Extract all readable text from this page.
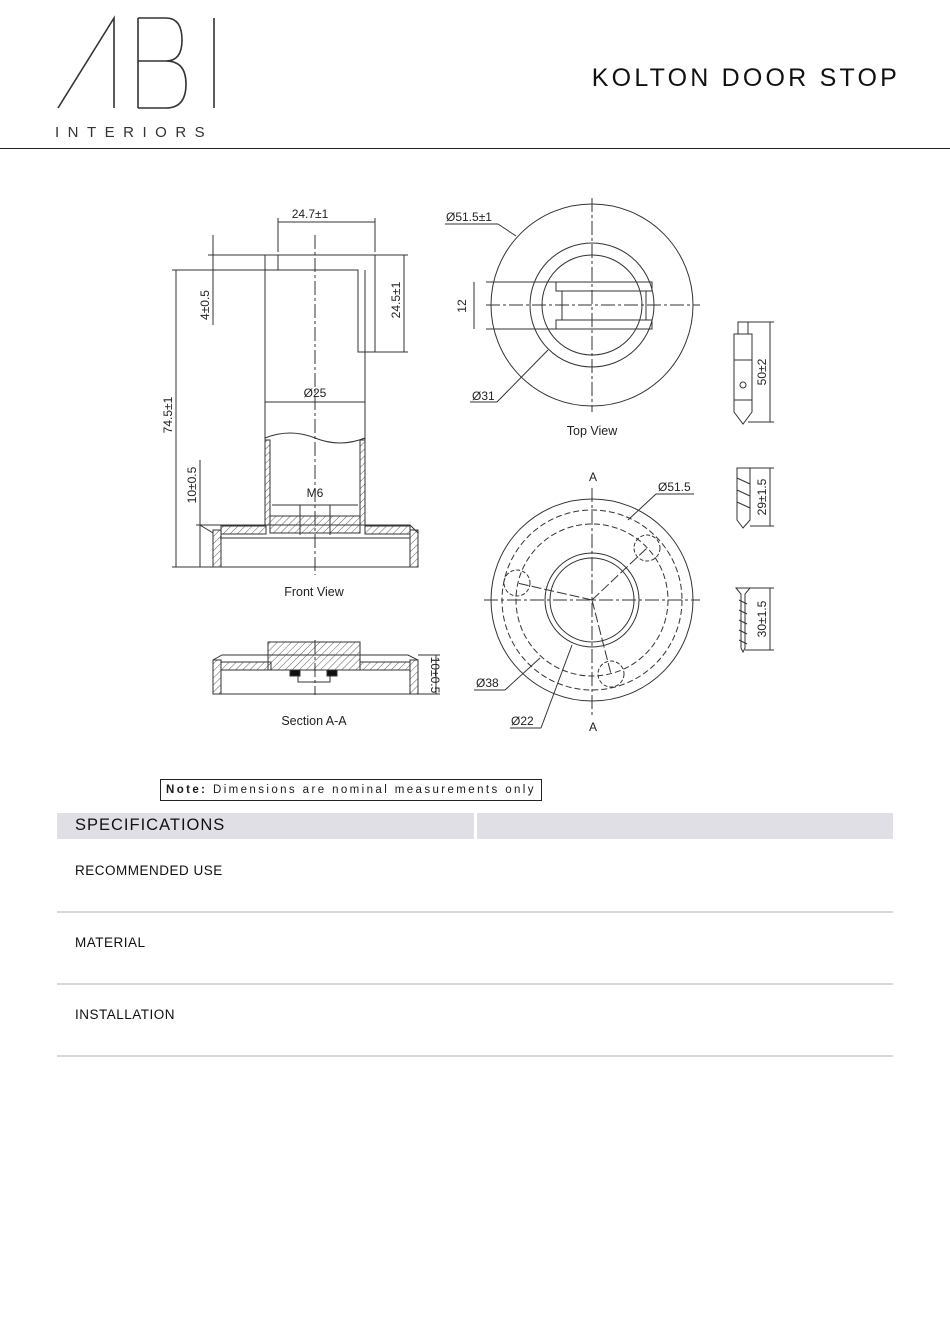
INTERIORS
KOLTON DOOR STOP
24.7±1
24.5±1
4±0.5
74.5±1
10±0.5
Ø25
M6
Front View
Ø51.5±1
12
Ø31
Top View
A
A
Ø51.5
Ø38
Ø22
10±0.5
Section A-A
50±2
29±1.5
30±1.5
Note: Dimensions are nominal measurements only
SPECIFICATIONS
RECOMMENDED USE
MATERIAL
INSTALLATION
